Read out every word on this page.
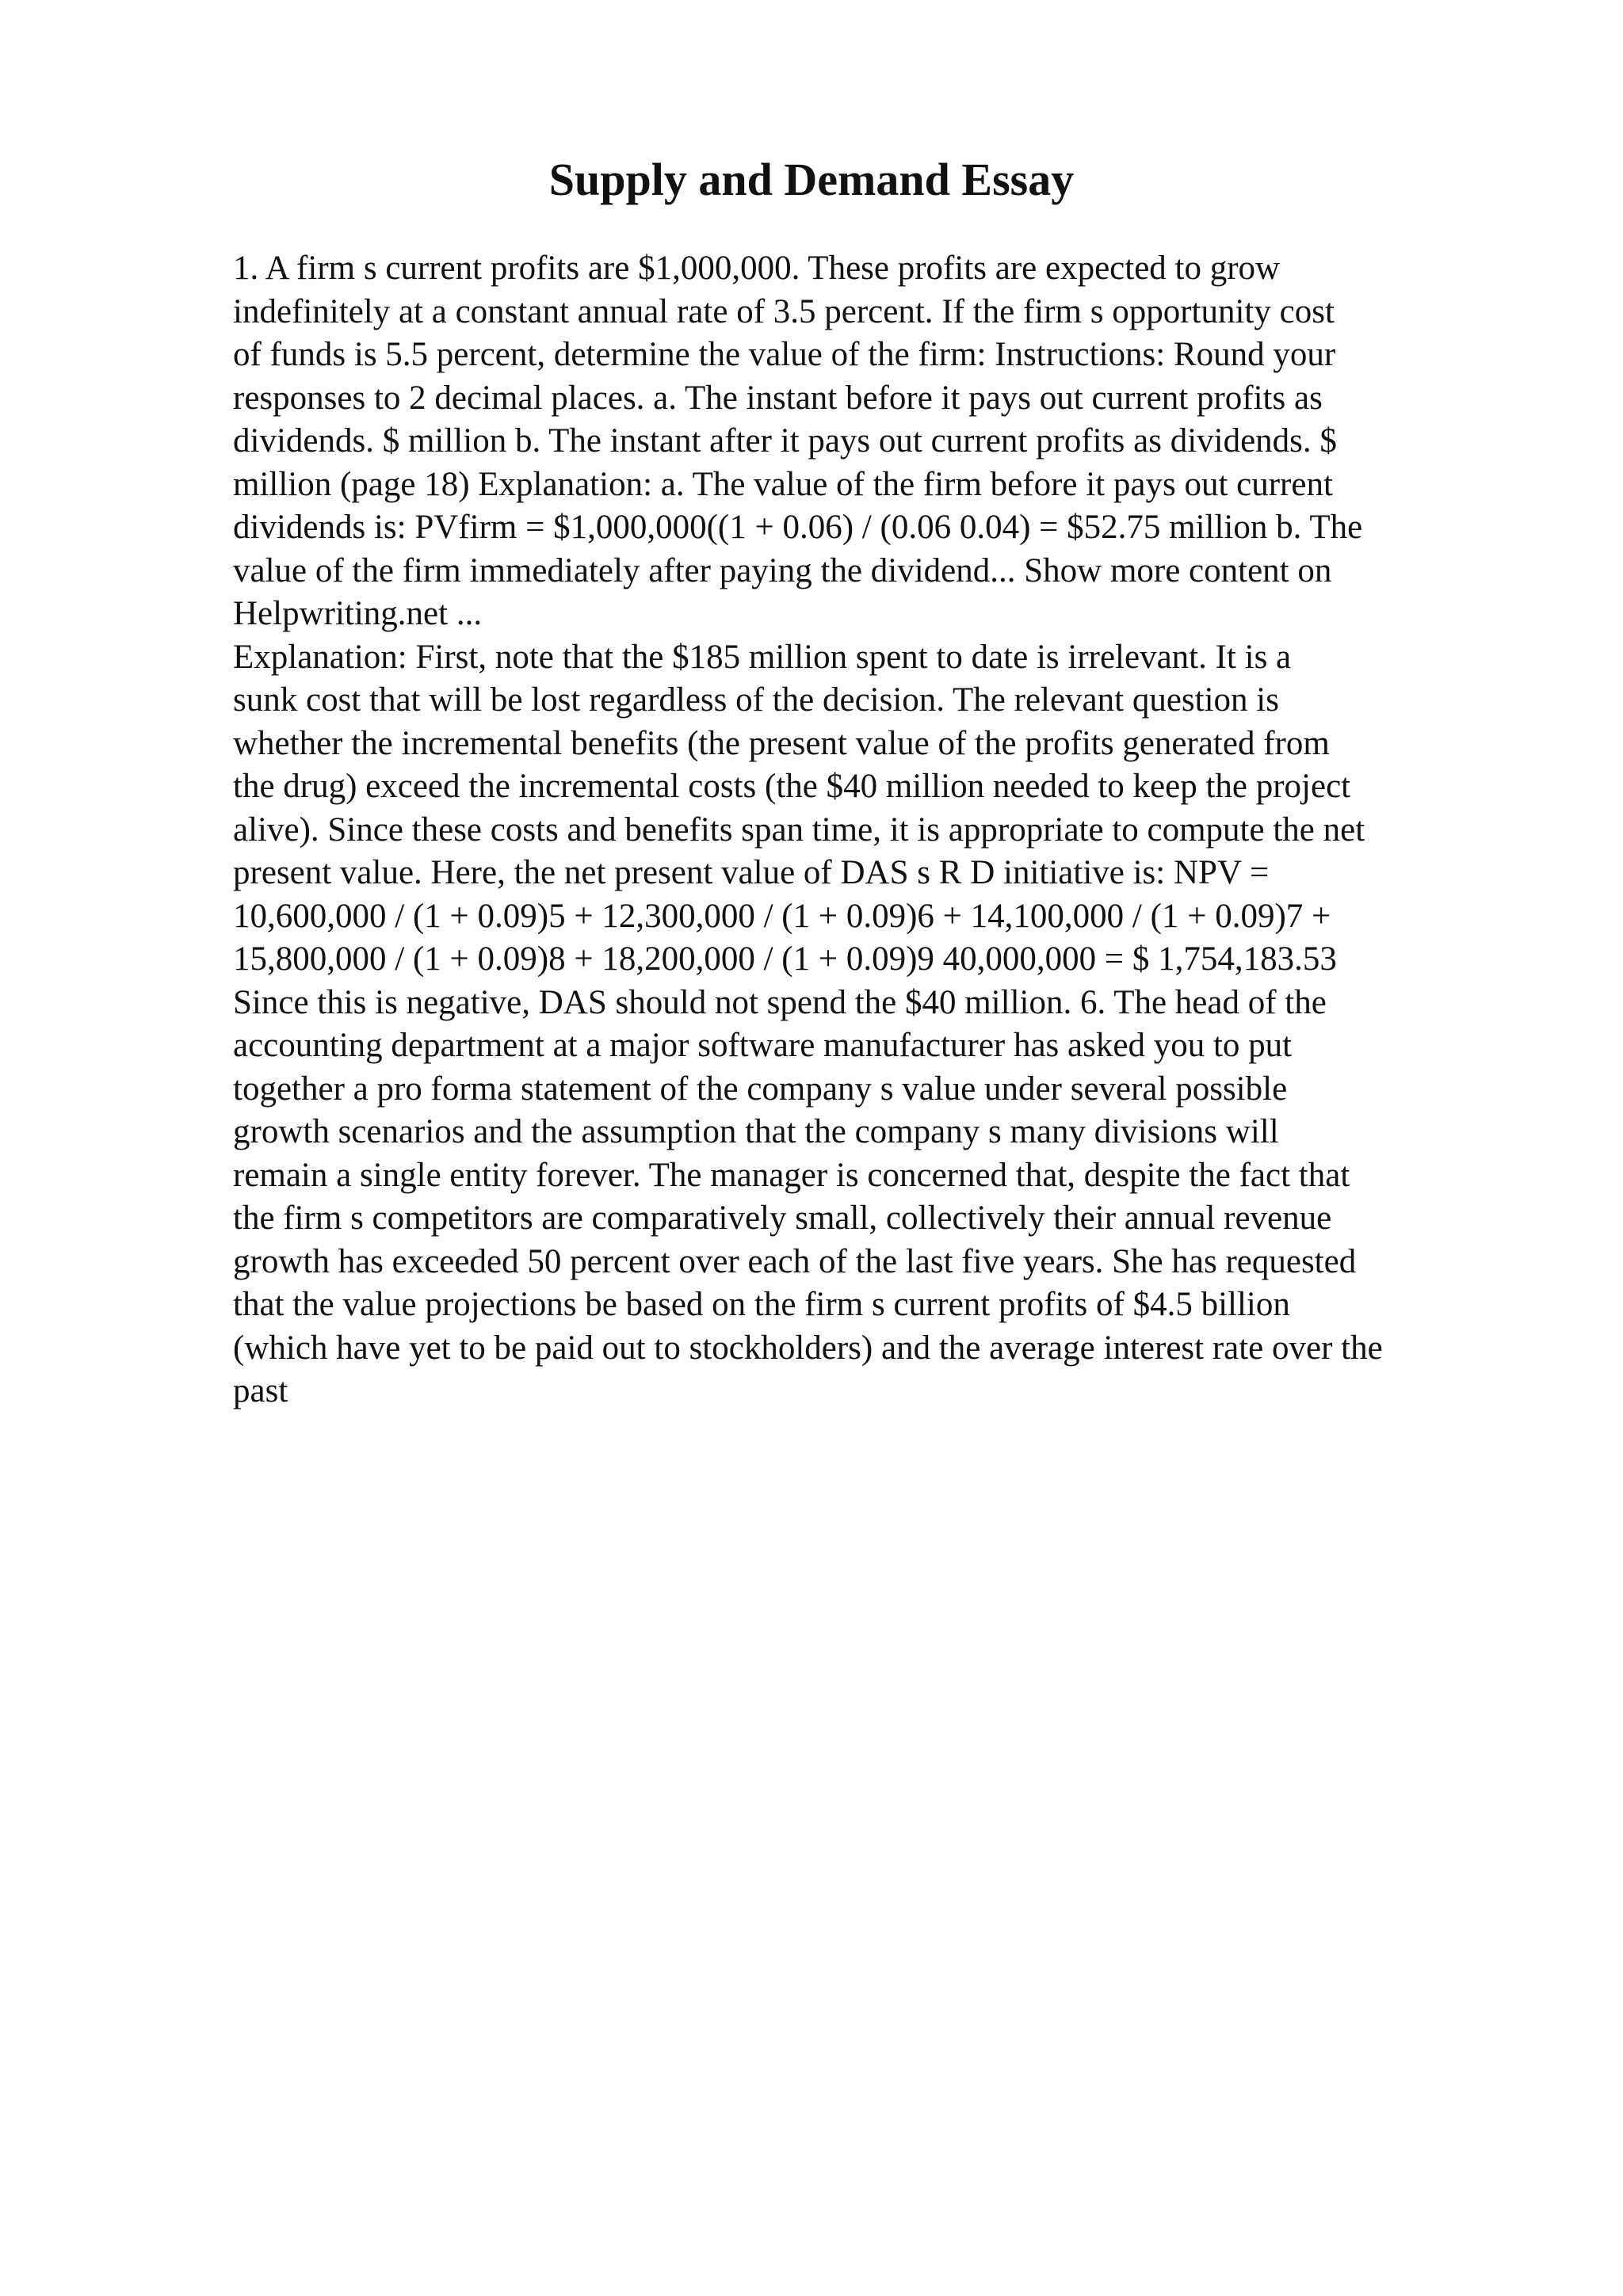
Supply and Demand Essay

1. A firm s current profits are $1,000,000. These profits are expected to grow
indefinitely at a constant annual rate of 3.5 percent. If the firm s opportunity cost
of funds is 5.5 percent, determine the value of the firm: Instructions: Round your
responses to 2 decimal places. a. The instant before it pays out current profits as
dividends. $ million b. The instant after it pays out current profits as dividends. $
million (page 18) Explanation: a. The value of the firm before it pays out current
dividends is: PVfirm = $1,000,000((1 + 0.06) / (0.06 0.04) = $52.75 million b. The
value of the firm immediately after paying the dividend... Show more content on
Helpwriting.net ...

Explanation: First, note that the $185 million spent to date is irrelevant. It is a
sunk cost that will be lost regardless of the decision. The relevant question is
whether the incremental benefits (the present value of the profits generated from
the drug) exceed the incremental costs (the $40 million needed to keep the project
alive). Since these costs and benefits span time, it is appropriate to compute the net
present value. Here, the net present value of DAS s R D initiative is: NPV =
10,600,000 / (1 + 0.09)5 + 12,300,000 / (1 + 0.09)6 + 14,100,000 / (1 + 0.09)7 +
15,800,000 / (1 + 0.09)8 + 18,200,000 / (1 + 0.09)9 40,000,000 = $ 1,754,183.53
Since this is negative, DAS should not spend the $40 million. 6. The head of the
accounting department at a major software manufacturer has asked you to put
together a pro forma statement of the company s value under several possible
growth scenarios and the assumption that the company s many divisions will
remain a single entity forever. The manager is concerned that, despite the fact that
the firm s competitors are comparatively small, collectively their annual revenue
growth has exceeded 50 percent over each of the last five years. She has requested
that the value projections be based on the firm s current profits of $4.5 billion
(which have yet to be paid out to stockholders) and the average interest rate over the
past
